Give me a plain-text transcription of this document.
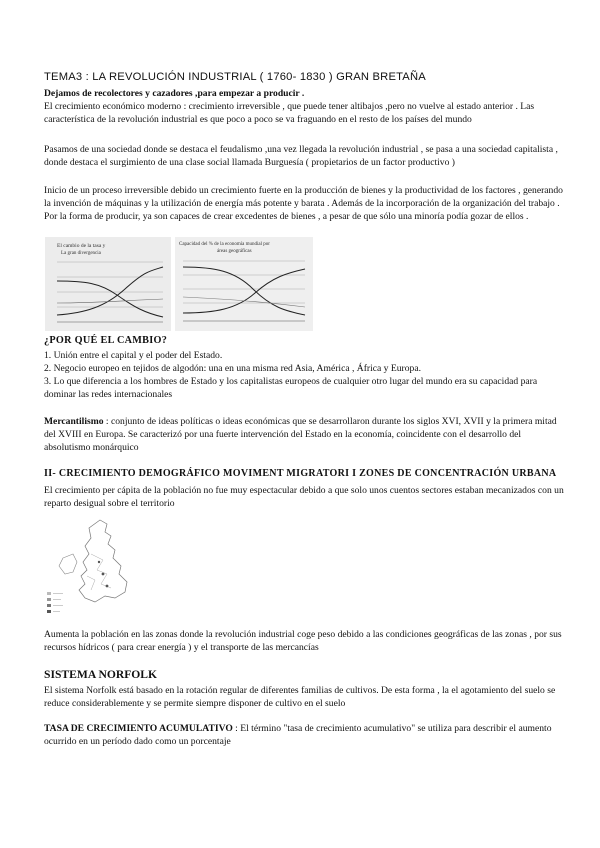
TEMA3 : LA REVOLUCIÓN INDUSTRIAL ( 1760- 1830 ) GRAN BRETAÑA

Dejamos de recolectores y cazadores ,para empezar a producir .

El crecimiento económico moderno : crecimiento irreversible , que puede tener altibajos ,pero no vuelve al estado anterior . Las característica de la revolución industrial es que poco a poco se va fraguando en el resto de los países del mundo

Pasamos de una sociedad donde se destaca el feudalismo ,una vez llegada la revolución industrial , se pasa a una sociedad capitalista , donde destaca el surgimiento de una clase social llamada Burguesía ( propietarios de un factor productivo )

Inicio de un proceso irreversible debido un crecimiento fuerte en la producción de bienes y la productividad de los factores , generando la invención de máquinas y la utilización de energía más potente y barata . Además de la incorporación de la organización del trabajo . Por la forma de producir, ya son capaces de crear excedentes de bienes , a pesar de que sólo una minoría podía gozar de ellos .

El cambio de la tasa y
La gran divergencia
Capacidad del % de la economía mundial por
áreas geográficas
¿POR QUÉ EL CAMBIO?

1. Unión entre el capital y el poder del Estado.

2. Negocio europeo en tejidos de algodón: una en una misma red Asia, América , África y Europa.

3. Lo que diferencia a los hombres de Estado y los capitalistas europeos de cualquier otro lugar del mundo era su capacidad para dominar las redes internacionales

Mercantilismo : conjunto de ideas políticas o ideas económicas que se desarrollaron durante los siglos XVI, XVII y la primera mitad del XVIII en Europa. Se caracterizó por una fuerte intervención del Estado en la economía, coincidente con el desarrollo del absolutismo monárquico

II- CRECIMIENTO DEMOGRÁFICO MOVIMENT MIGRATORI I ZONES DE CONCENTRACIÓN URBANA

El crecimiento per cápita de la población no fue muy espectacular debido a que solo unos cuentos sectores estaban mecanizados con un reparto desigual sobre el territorio

Aumenta la población en las zonas donde la revolución industrial coge peso debido a las condiciones geográficas de las zonas , por sus recursos hídricos ( para crear energía ) y el transporte de las mercancías

SISTEMA NORFOLK

El sistema Norfolk está basado en la rotación regular de diferentes familias de cultivos. De esta forma , la el agotamiento del suelo se reduce considerablemente y se permite siempre disponer de cultivo en el suelo

TASA DE CRECIMIENTO ACUMULATIVO : El término "tasa de crecimiento acumulativo" se utiliza para describir el aumento ocurrido en un período dado como un porcentaje
